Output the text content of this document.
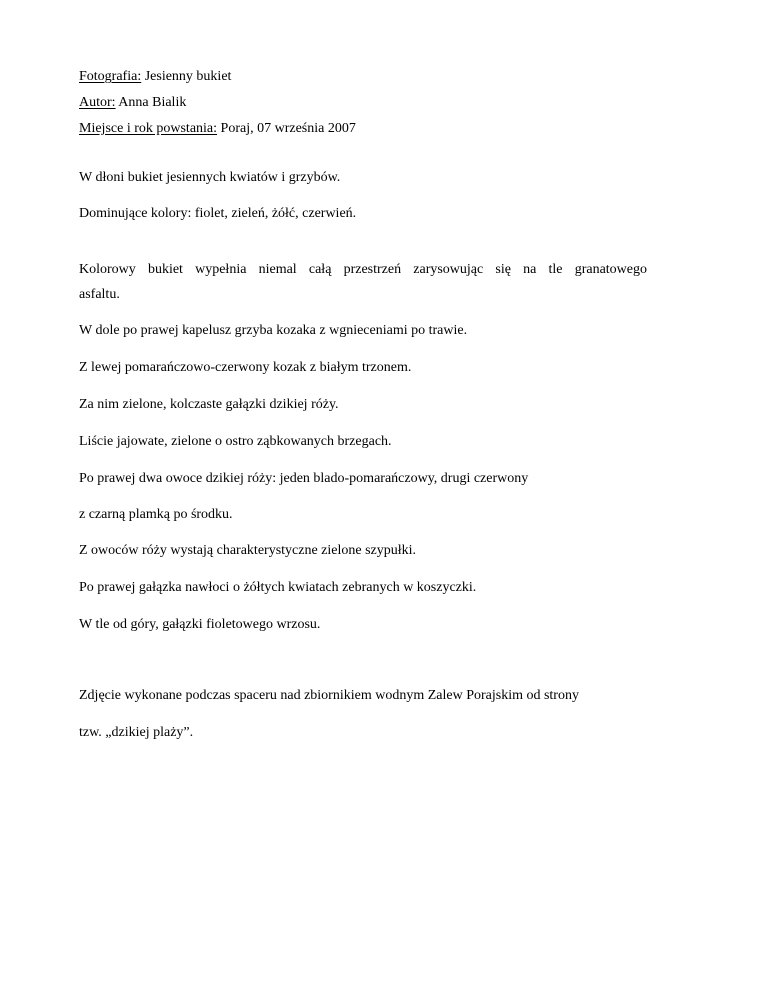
Fotografia: Jesienny bukiet
Autor: Anna Bialik
Miejsce i rok powstania: Poraj, 07 września 2007
W dłoni bukiet jesiennych kwiatów i grzybów.
Dominujące kolory: fiolet, zieleń, żółć, czerwień.
Kolorowy bukiet wypełnia niemal całą przestrzeń zarysowując się na tle granatowego
asfaltu.
W dole po prawej kapelusz grzyba kozaka z wgnieceniami po trawie.
Z lewej pomarańczowo-czerwony kozak z białym trzonem.
Za nim zielone, kolczaste gałązki dzikiej róży.
Liście jajowate, zielone o ostro ząbkowanych brzegach.
Po prawej dwa owoce dzikiej róży: jeden blado-pomarańczowy, drugi czerwony
z czarną plamką po środku.
Z owoców róży wystają charakterystyczne zielone szypułki.
Po prawej gałązka nawłoci o żółtych kwiatach zebranych w koszyczki.
W tle od góry, gałązki fioletowego wrzosu.
Zdjęcie wykonane podczas spaceru nad zbiornikiem wodnym Zalew Porajskim od strony
tzw. „dzikiej plaży”.
